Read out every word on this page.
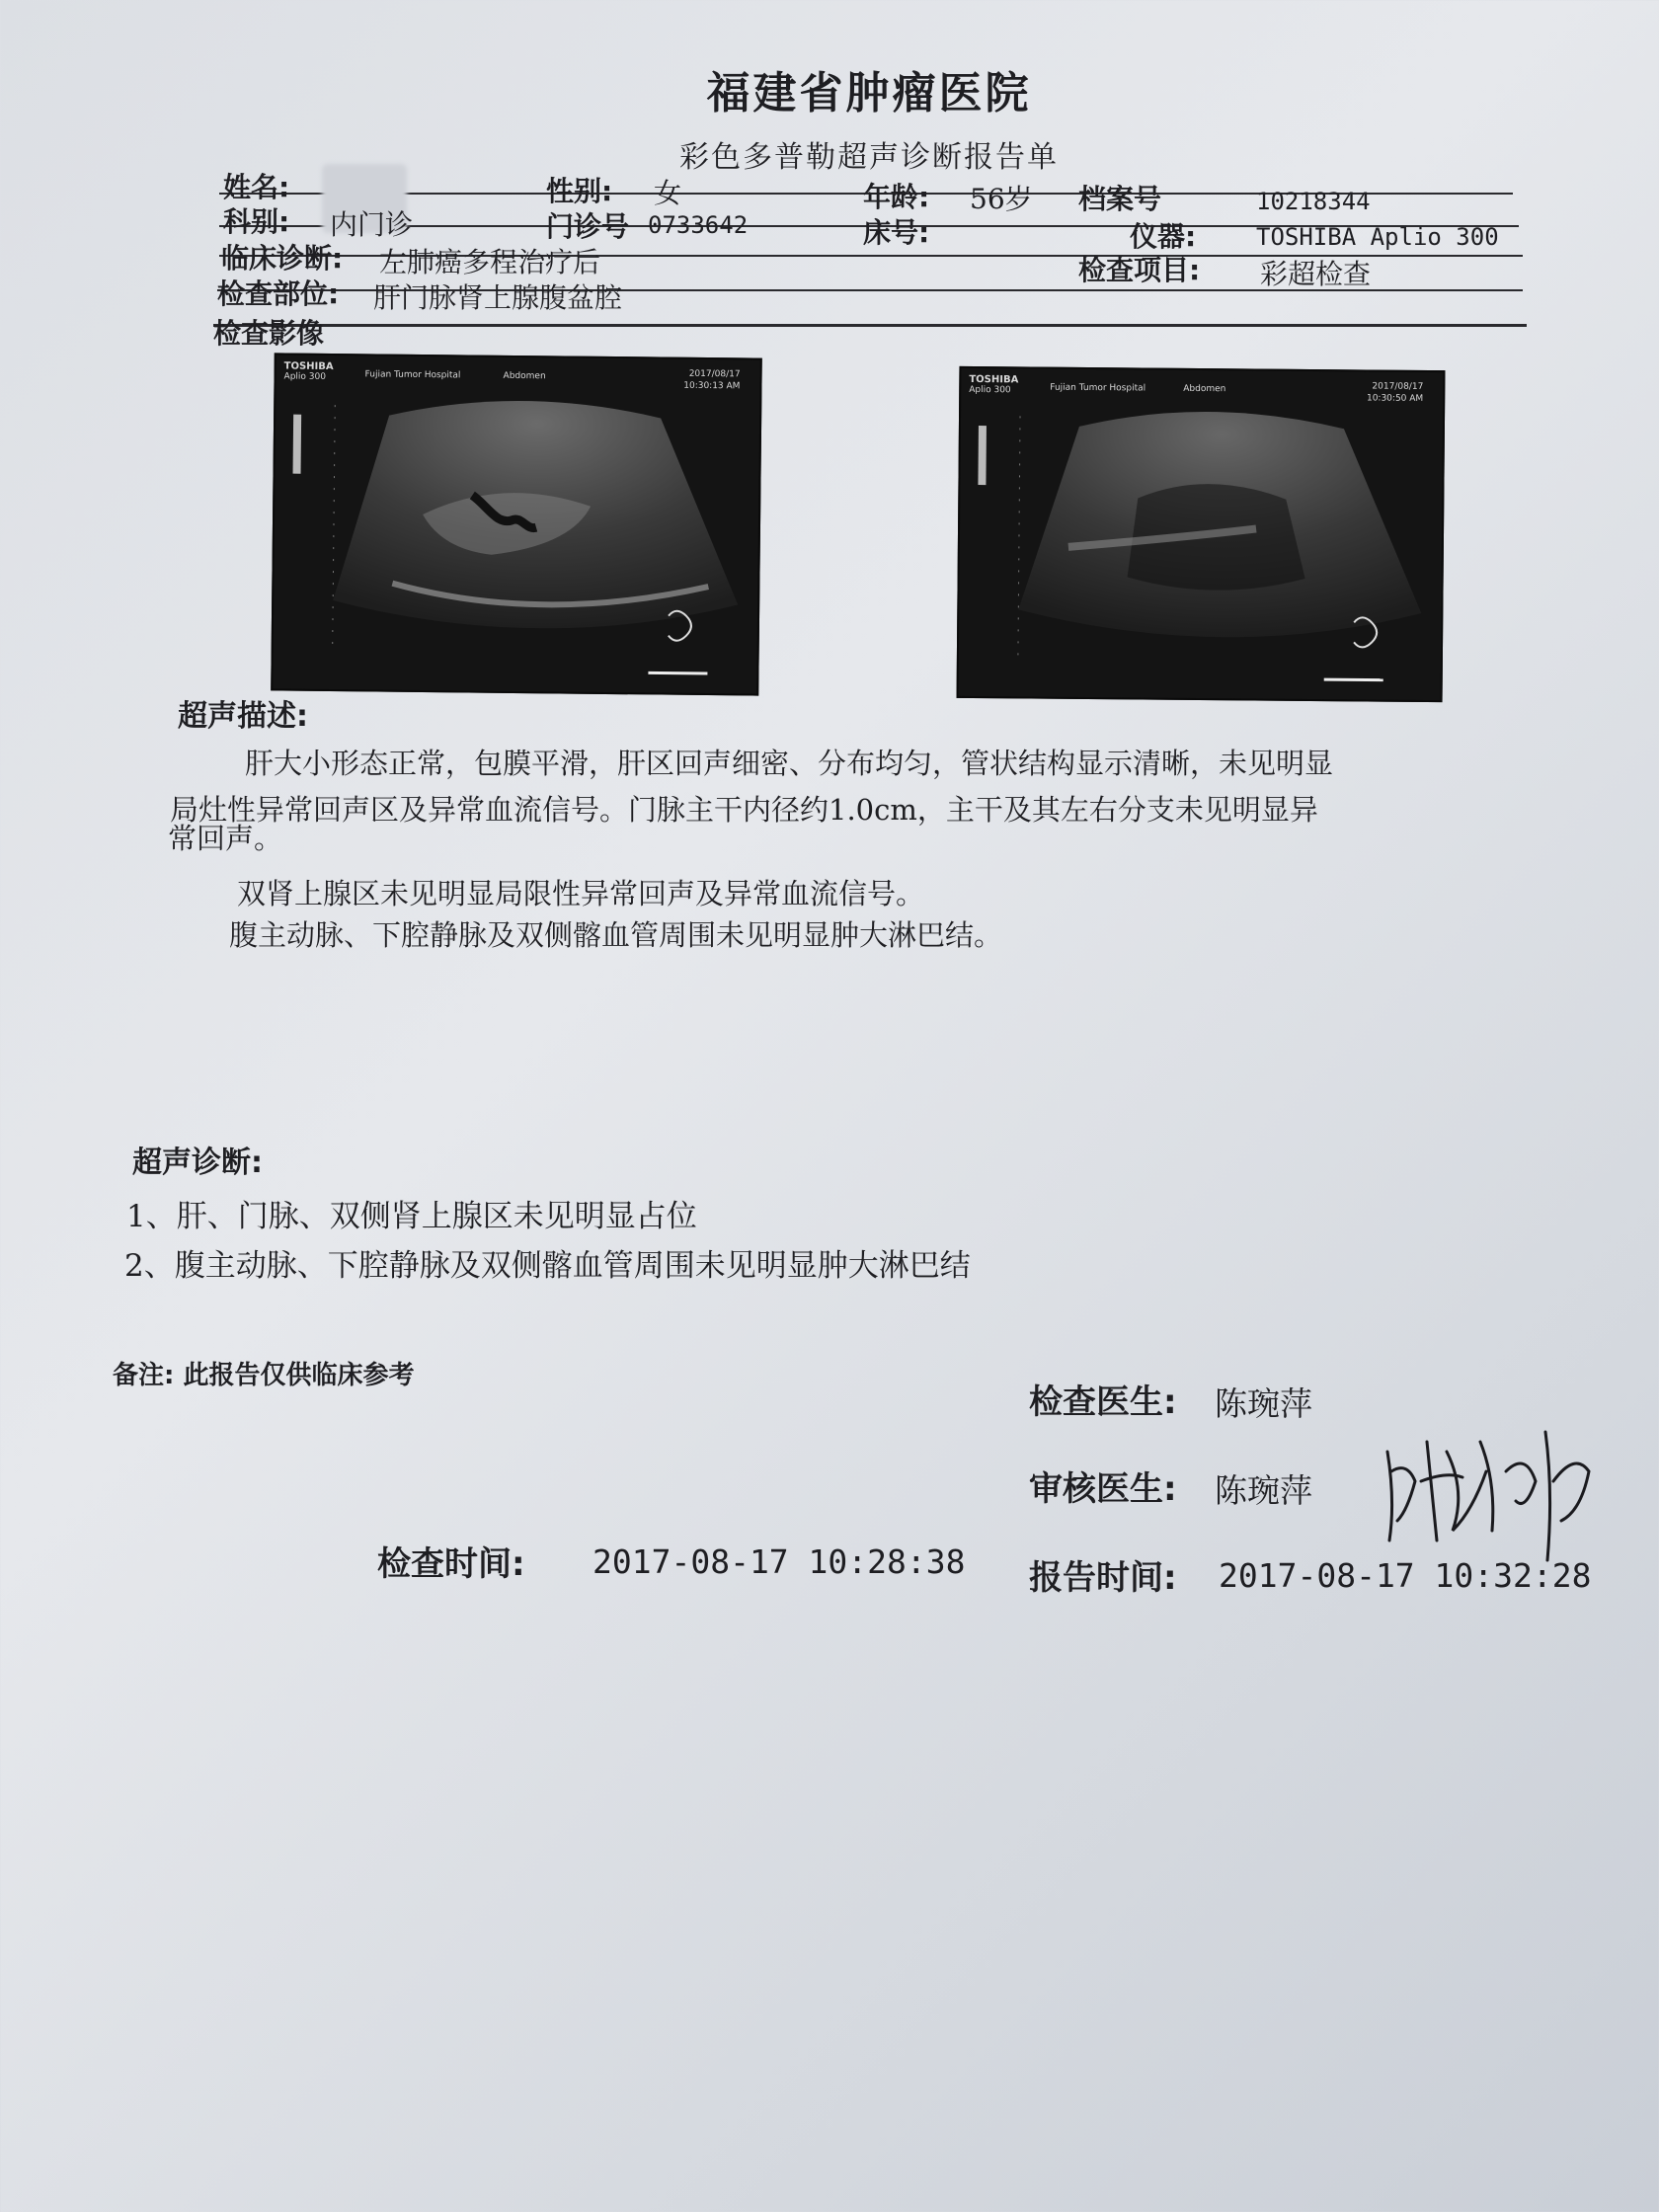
福建省肿瘤医院
彩色多普勒超声诊断报告单
姓名:	性别: 女	年龄: 56岁 档案号	10218344
科别: 内门诊	门诊号 0733642	床号:	仪器:	TOSHIBA Aplio 300
临床诊断: 左肺癌多程治疗后	检查项目: 彩超检查
检查部位: 肝门脉肾上腺腹盆腔
检查影像
TOSHIBA
Aplio 300	Fujian Tumor Hospital	Abdomen	2017/08/17
10:30:13 AM
TOSHIBA
Aplio 300	Fujian Tumor Hospital	Abdomen	2017/08/17
10:30:50 AM
超声描述:
肝大小形态正常，包膜平滑，肝区回声细密、分布均匀，管状结构显示清晰，未见明显
局灶性异常回声区及异常血流信号。门脉主干内径约1.0cm，主干及其左右分支未见明显异
常回声。
双肾上腺区未见明显局限性异常回声及异常血流信号。
腹主动脉、下腔静脉及双侧髂血管周围未见明显肿大淋巴结。
超声诊断:
1、肝、门脉、双侧肾上腺区未见明显占位
2、腹主动脉、下腔静脉及双侧髂血管周围未见明显肿大淋巴结
备注: 此报告仅供临床参考
检查医生: 陈琬萍
审核医生: 陈琬萍
检查时间: 2017-08-17 10:28:38 报告时间: 2017-08-17 10:32:28
